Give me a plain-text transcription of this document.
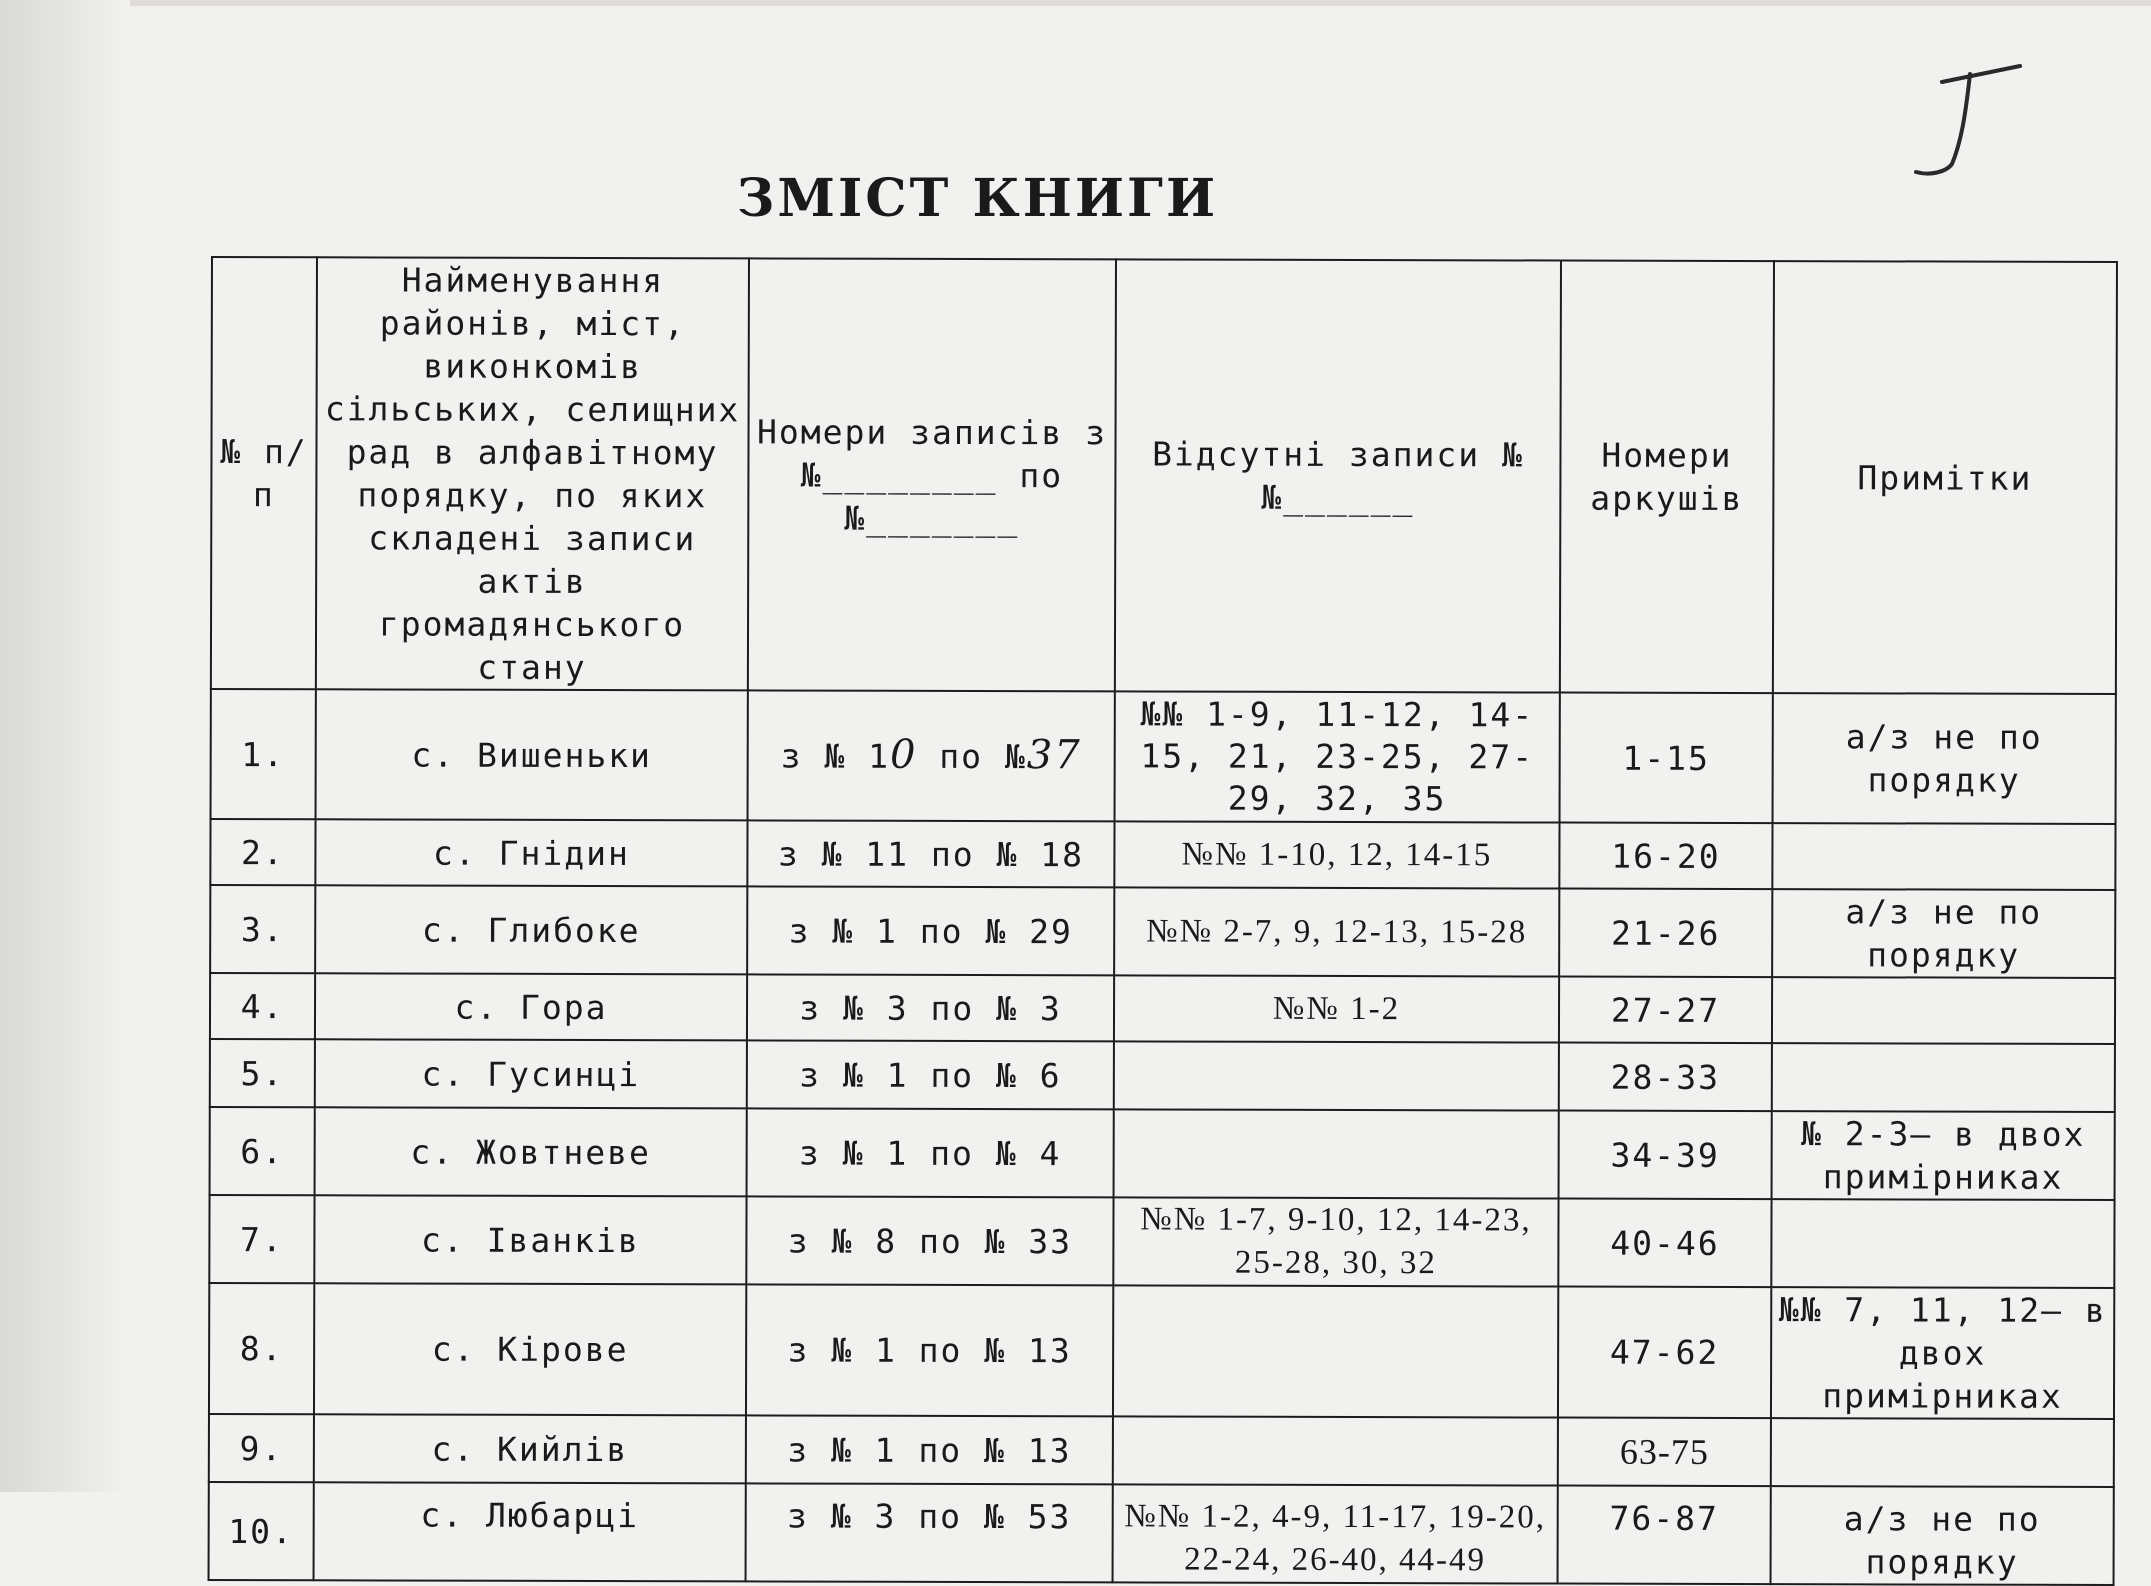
ЗМІСТ КНИГИ
№ п/п	Найменування районів, міст, виконкомів сільських, селищних рад в алфавітному порядку, по яких складені записи актів громадянського стану	Номери записів з №________ по №_______	Відсутні записи №№______	Номери аркушів	Примітки
1.	с. Вишеньки	з № 10 по №37	№№ 1-9, 11-12, 14-15, 21, 23-25, 27-29, 32, 35	1-15	а/з не по порядку
2.	с. Гнідин	з № 11 по № 18	№№ 1-10, 12, 14-15	16-20	
3.	с. Глибоке	з № 1 по № 29	№№ 2-7, 9, 12-13, 15-28	21-26	а/з не по порядку
4.	с. Гора	з № 3 по № 3	№№ 1-2	27-27	
5.	с. Гусинці	з № 1 по № 6		28-33	
6.	с. Жовтневе	з № 1 по № 4		34-39	№ 2-3– в двох примірниках
7.	с. Іванків	з № 8 по № 33	№№ 1-7, 9-10, 12, 14-23, 25-28, 30, 32	40-46	
8.	с. Кірове	з № 1 по № 13		47-62	№№ 7, 11, 12– в двох примірниках
9.	с. Кийлів	з № 1 по № 13		63-75	
10.	с. Любарці	з № 3 по № 53	№№ 1-2, 4-9, 11-17, 19-20, 22-24, 26-40, 44-49	76-87	а/з не по порядку
